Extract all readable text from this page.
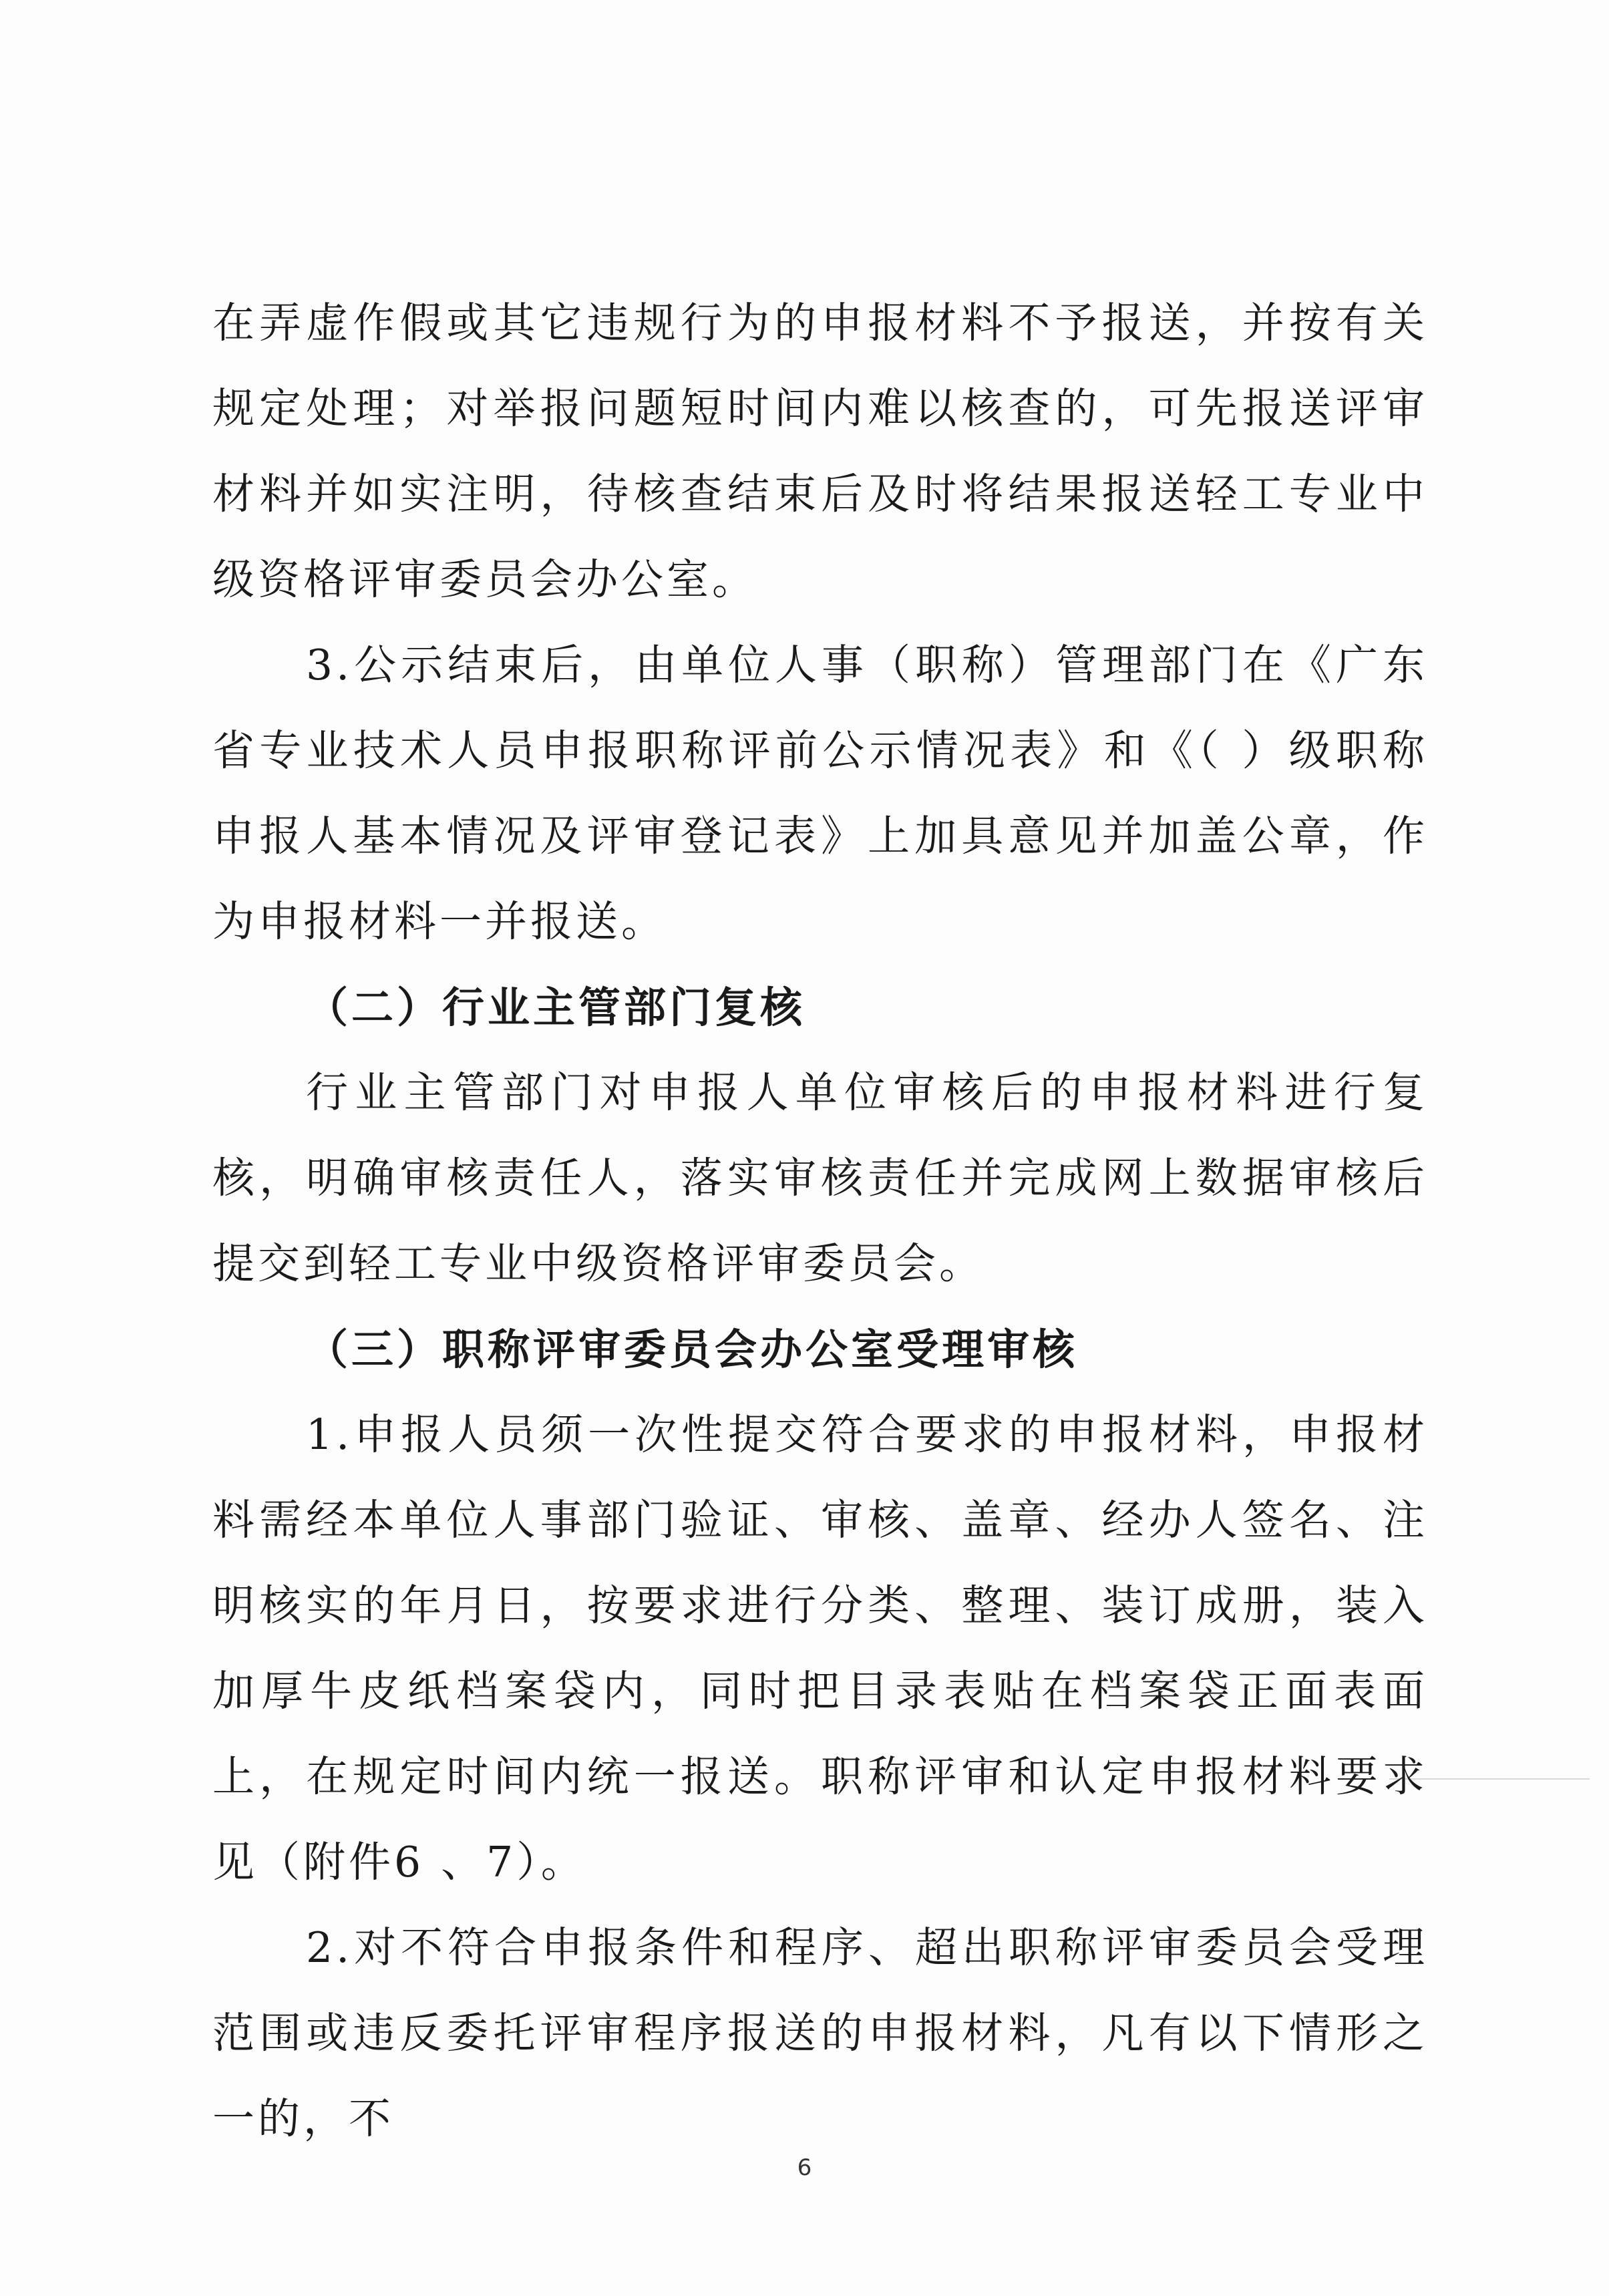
在弄虚作假或其它违规行为的申报材料不予报送，并按有关规定处理；对举报问题短时间内难以核查的，可先报送评审材料并如实注明，待核查结束后及时将结果报送轻工专业中级资格评审委员会办公室。

3.公示结束后，由单位人事（职称）管理部门在《广东省专业技术人员申报职称评前公示情况表》和《（ ）级职称申报人基本情况及评审登记表》上加具意见并加盖公章，作为申报材料一并报送。

（二）行业主管部门复核

行业主管部门对申报人单位审核后的申报材料进行复核，明确审核责任人，落实审核责任并完成网上数据审核后提交到轻工专业中级资格评审委员会。

（三）职称评审委员会办公室受理审核

1.申报人员须一次性提交符合要求的申报材料，申报材料需经本单位人事部门验证、审核、盖章、经办人签名、注明核实的年月日，按要求进行分类、整理、装订成册，装入加厚牛皮纸档案袋内，同时把目录表贴在档案袋正面表面上，在规定时间内统一报送。职称评审和认定申报材料要求见（附件6 、7）。

2.对不符合申报条件和程序、超出职称评审委员会受理范围或违反委托评审程序报送的申报材料，凡有以下情形之一的，不

6
